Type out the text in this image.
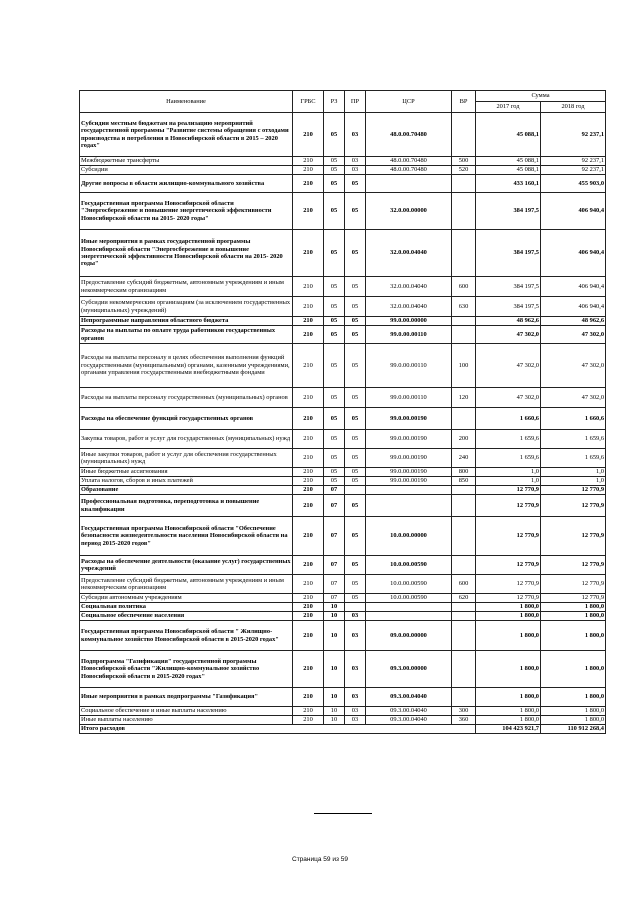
Наименование	ГРБС	РЗ	ПР	ЦСР	ВР	Сумма	
						2017 год	2018 год
Субсидии местным бюджетам на реализацию мероприятий государственной программы "Развитие системы обращения с отходами производства и потребления в Новосибирской области в 2015 – 2020 годах"	210	05	03	48.0.00.70480		45 088,1	92 237,1
Межбюджетные трансферты	210	05	03	48.0.00.70480	500	45 088,1	92 237,1
Субсидии	210	05	03	48.0.00.70480	520	45 088,1	92 237,1
Другие вопросы в области жилищно-коммунального хозяйства	210	05	05			433 160,1	455 903,0
Государственная программа Новосибирской области "Энергосбережение и повышение энергетической эффективности Новосибирской области на 2015- 2020 годы"	210	05	05	32.0.00.00000		384 197,5	406 940,4
Иные мероприятия в рамках государственной программы Новосибирской области "Энергосбережение и повышение энергетической эффективности Новосибирской области на 2015- 2020 годы"	210	05	05	32.0.00.04040		384 197,5	406 940,4
Предоставление субсидий бюджетным, автономным учреждениям и иным некоммерческим организациям	210	05	05	32.0.00.04040	600	384 197,5	406 940,4
Субсидии некоммерческим организациям (за исключением государственных (муниципальных) учреждений)	210	05	05	32.0.00.04040	630	384 197,5	406 940,4
Непрограммные направления областного бюджета	210	05	05	99.0.00.00000		48 962,6	48 962,6
Расходы на выплаты по оплате труда работников государственных органов	210	05	05	99.0.00.00110		47 302,0	47 302,0
Расходы на выплаты персоналу в целях обеспечения выполнения функций государственными (муниципальными) органами, казенными учреждениями, органами управления государственными внебюджетными фондами	210	05	05	99.0.00.00110	100	47 302,0	47 302,0
Расходы на выплаты персоналу государственных (муниципальных) органов	210	05	05	99.0.00.00110	120	47 302,0	47 302,0
Расходы на обеспечение функций государственных органов	210	05	05	99.0.00.00190		1 660,6	1 660,6
Закупка товаров, работ и услуг для государственных (муниципальных) нужд	210	05	05	99.0.00.00190	200	1 659,6	1 659,6
Иные закупки товаров, работ и услуг для обеспечения государственных (муниципальных) нужд	210	05	05	99.0.00.00190	240	1 659,6	1 659,6
Иные бюджетные ассигнования	210	05	05	99.0.00.00190	800	1,0	1,0
Уплата налогов, сборов и иных платежей	210	05	05	99.0.00.00190	850	1,0	1,0
Образование	210	07				12 770,9	12 770,9
Профессиональная подготовка, переподготовка и повышение квалификации	210	07	05			12 770,9	12 770,9
Государственная программа Новосибирской области "Обеспечение безопасности жизнедеятельности населения Новосибирской области на период 2015-2020 годов"	210	07	05	10.0.00.00000		12 770,9	12 770,9
Расходы на обеспечение деятельности (оказание услуг) государственных учреждений	210	07	05	10.0.00.00590		12 770,9	12 770,9
Предоставление субсидий бюджетным, автономным учреждениям и иным некоммерческим организациям	210	07	05	10.0.00.00590	600	12 770,9	12 770,9
Субсидии автономным учреждениям	210	07	05	10.0.00.00590	620	12 770,9	12 770,9
Социальная политика	210	10				1 800,0	1 800,0
Социальное обеспечение населения	210	10	03			1 800,0	1 800,0
Государственная программа Новосибирской области " Жилищно-коммунальное хозяйство Новосибирской области в 2015-2020 годах"	210	10	03	09.0.00.00000		1 800,0	1 800,0
Подпрограмма "Газификация" государственной программы Новосибирской области "Жилищно-коммунальное хозяйство Новосибирской области в 2015-2020 годах"	210	10	03	09.3.00.00000		1 800,0	1 800,0
Иные мероприятия в рамках подпрограммы "Газификация"	210	10	03	09.3.00.04040		1 800,0	1 800,0
Социальное обеспечение и иные выплаты населению	210	10	03	09.3.00.04040	300	1 800,0	1 800,0
Иные выплаты населению	210	10	03	09.3.00.04040	360	1 800,0	1 800,0
Итого расходов						104 423 921,7	110 912 268,4
Страница 59 из 59
